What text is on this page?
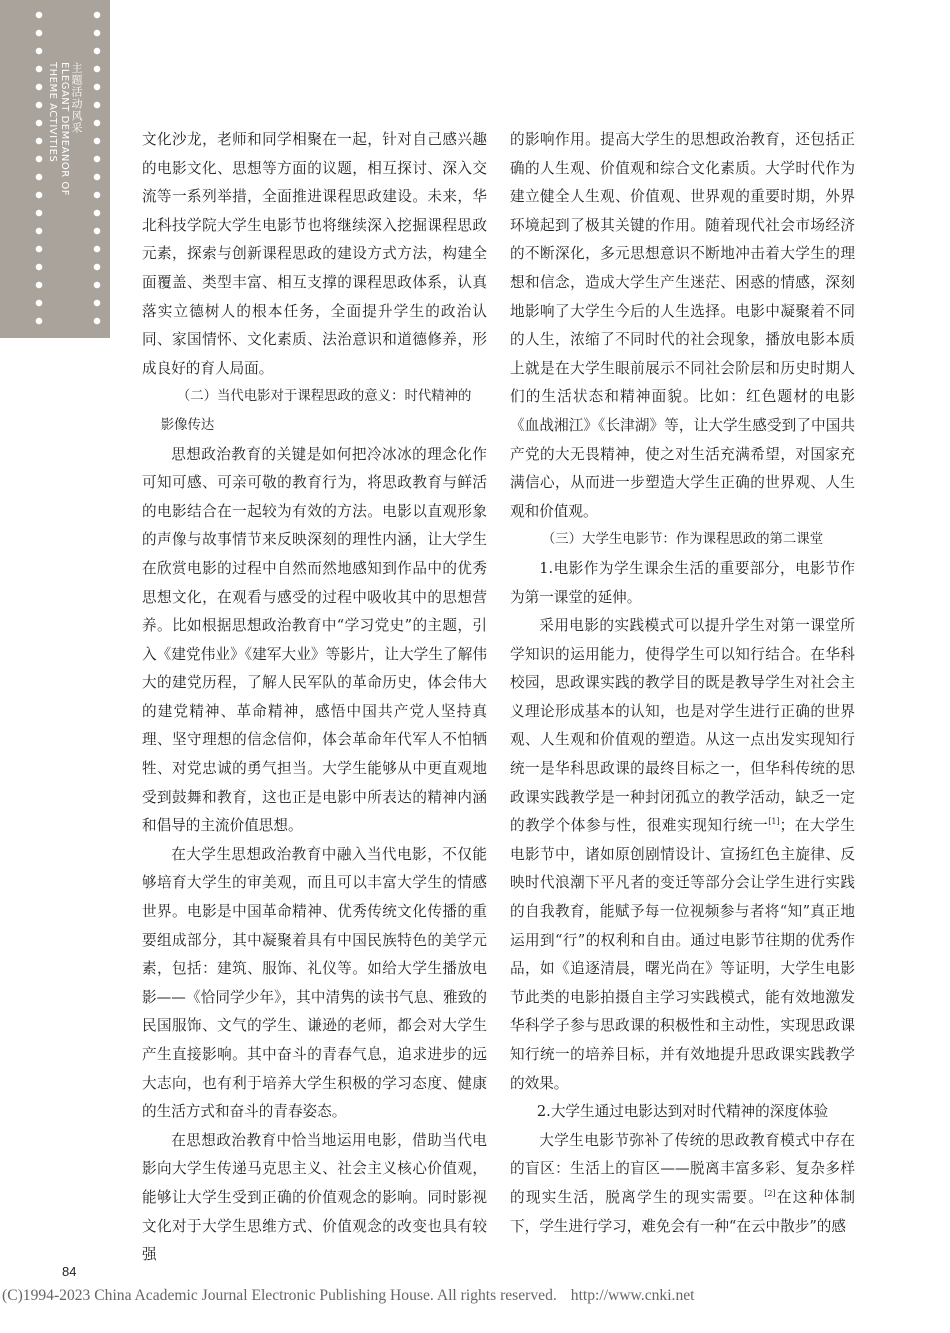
主题活动风采
ELEGANT DEMEANOR OF
THEME ACTIVITIES	文化沙龙，老师和同学相聚在一起，针对自己感兴趣的电影文化、思想等方面的议题，相互探讨、深入交流等一系列举措，全面推进课程思政建设。未来，华北科技学院大学生电影节也将继续深入挖掘课程思政元素，探索与创新课程思政的建设方式方法，构建全面覆盖、类型丰富、相互支撑的课程思政体系，认真落实立德树人的根本任务，全面提升学生的政治认同、家国情怀、文化素质、法治意识和道德修养，形成良好的育人局面。

（二）当代电影对于课程思政的意义：时代精神的
影像传达

思想政治教育的关键是如何把冷冰冰的理念化作可知可感、可亲可敬的教育行为，将思政教育与鲜活的电影结合在一起较为有效的方法。电影以直观形象的声像与故事情节来反映深刻的理性内涵，让大学生在欣赏电影的过程中自然而然地感知到作品中的优秀思想文化，在观看与感受的过程中吸收其中的思想营养。比如根据思想政治教育中“学习党史”的主题，引入《建党伟业》《建军大业》等影片，让大学生了解伟大的建党历程，了解人民军队的革命历史，体会伟大的建党精神、革命精神，感悟中国共产党人坚持真理、坚守理想的信念信仰，体会革命年代军人不怕牺牲、对党忠诚的勇气担当。大学生能够从中更直观地受到鼓舞和教育，这也正是电影中所表达的精神内涵和倡导的主流价值思想。

在大学生思想政治教育中融入当代电影，不仅能够培育大学生的审美观，而且可以丰富大学生的情感世界。电影是中国革命精神、优秀传统文化传播的重要组成部分，其中凝聚着具有中国民族特色的美学元素，包括：建筑、服饰、礼仪等。如给大学生播放电影——《恰同学少年》，其中清隽的读书气息、雅致的民国服饰、文气的学生、谦逊的老师，都会对大学生产生直接影响。其中奋斗的青春气息，追求进步的远大志向，也有利于培养大学生积极的学习态度、健康的生活方式和奋斗的青春姿态。

在思想政治教育中恰当地运用电影，借助当代电影向大学生传递马克思主义、社会主义核心价值观，能够让大学生受到正确的价值观念的影响。同时影视文化对于大学生思维方式、价值观念的改变也具有较强

的影响作用。提高大学生的思想政治教育，还包括正确的人生观、价值观和综合文化素质。大学时代作为建立健全人生观、价值观、世界观的重要时期，外界环境起到了极其关键的作用。随着现代社会市场经济的不断深化，多元思想意识不断地冲击着大学生的理想和信念，造成大学生产生迷茫、困惑的情感，深刻地影响了大学生今后的人生选择。电影中凝聚着不同的人生，浓缩了不同时代的社会现象，播放电影本质上就是在大学生眼前展示不同社会阶层和历史时期人们的生活状态和精神面貌。比如：红色题材的电影《血战湘江》《长津湖》等，让大学生感受到了中国共产党的大无畏精神，使之对生活充满希望，对国家充满信心，从而进一步塑造大学生正确的世界观、人生观和价值观。

（三）大学生电影节：作为课程思政的第二课堂
1.电影作为学生课余生活的重要部分，电影节作为第一课堂的延伸。

采用电影的实践模式可以提升学生对第一课堂所学知识的运用能力，使得学生可以知行结合。在华科校园，思政课实践的教学目的既是教导学生对社会主义理论形成基本的认知，也是对学生进行正确的世界观、人生观和价值观的塑造。从这一点出发实现知行统一是华科思政课的最终目标之一，但华科传统的思政课实践教学是一种封闭孤立的教学活动，缺乏一定的教学个体参与性，很难实现知行统一[1]；在大学生电影节中，诸如原创剧情设计、宣扬红色主旋律、反映时代浪潮下平凡者的变迁等部分会让学生进行实践的自我教育，能赋予每一位视频参与者将“知”真正地运用到“行”的权利和自由。通过电影节往期的优秀作品，如《追逐清晨，曙光尚在》等证明，大学生电影节此类的电影拍摄自主学习实践模式，能有效地激发华科学子参与思政课的积极性和主动性，实现思政课知行统一的培养目标，并有效地提升思政课实践教学的效果。

2.大学生通过电影达到对时代精神的深度体验

大学生电影节弥补了传统的思政教育模式中存在的盲区：生活上的盲区——脱离丰富多彩、复杂多样的现实生活，脱离学生的现实需要。[2]在这种体制下，学生进行学习，难免会有一种“在云中散步”的感

84
(C)1994-2023 China Academic Journal Electronic Publishing House. All rights reserved. http://www.cnki.net
